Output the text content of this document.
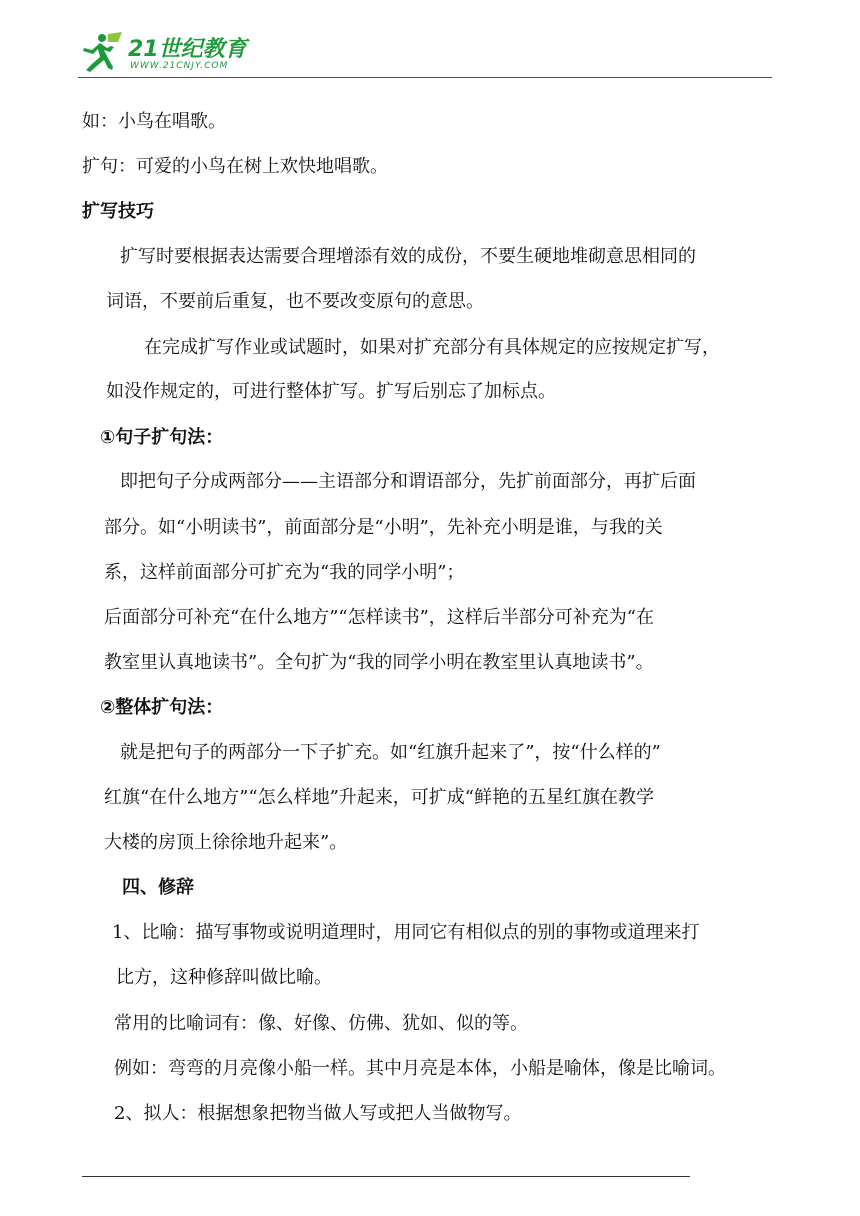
21世纪教育
WWW.21CNJY.COM
如：小鸟在唱歌。
扩句：可爱的小鸟在树上欢快地唱歌。
扩写技巧
扩写时要根据表达需要合理增添有效的成份，不要生硬地堆砌意思相同的
词语，不要前后重复，也不要改变原句的意思。
在完成扩写作业或试题时，如果对扩充部分有具体规定的应按规定扩写，
如没作规定的，可进行整体扩写。扩写后别忘了加标点。
①句子扩句法：
即把句子分成两部分——主语部分和谓语部分，先扩前面部分，再扩后面
部分。如“小明读书”，前面部分是“小明”，先补充小明是谁，与我的关
系，这样前面部分可扩充为“我的同学小明”；
后面部分可补充“在什么地方”“怎样读书”，这样后半部分可补充为“在
教室里认真地读书”。全句扩为“我的同学小明在教室里认真地读书”。
②整体扩句法：
就是把句子的两部分一下子扩充。如“红旗升起来了”，按“什么样的”
红旗“在什么地方”“怎么样地”升起来，可扩成“鲜艳的五星红旗在教学
大楼的房顶上徐徐地升起来”。
四、修辞
1、比喻：描写事物或说明道理时，用同它有相似点的别的事物或道理来打
比方，这种修辞叫做比喻。
常用的比喻词有：像、好像、仿佛、犹如、似的等。
例如：弯弯的月亮像小船一样。其中月亮是本体，小船是喻体，像是比喻词。
2、拟人：根据想象把物当做人写或把人当做物写。
